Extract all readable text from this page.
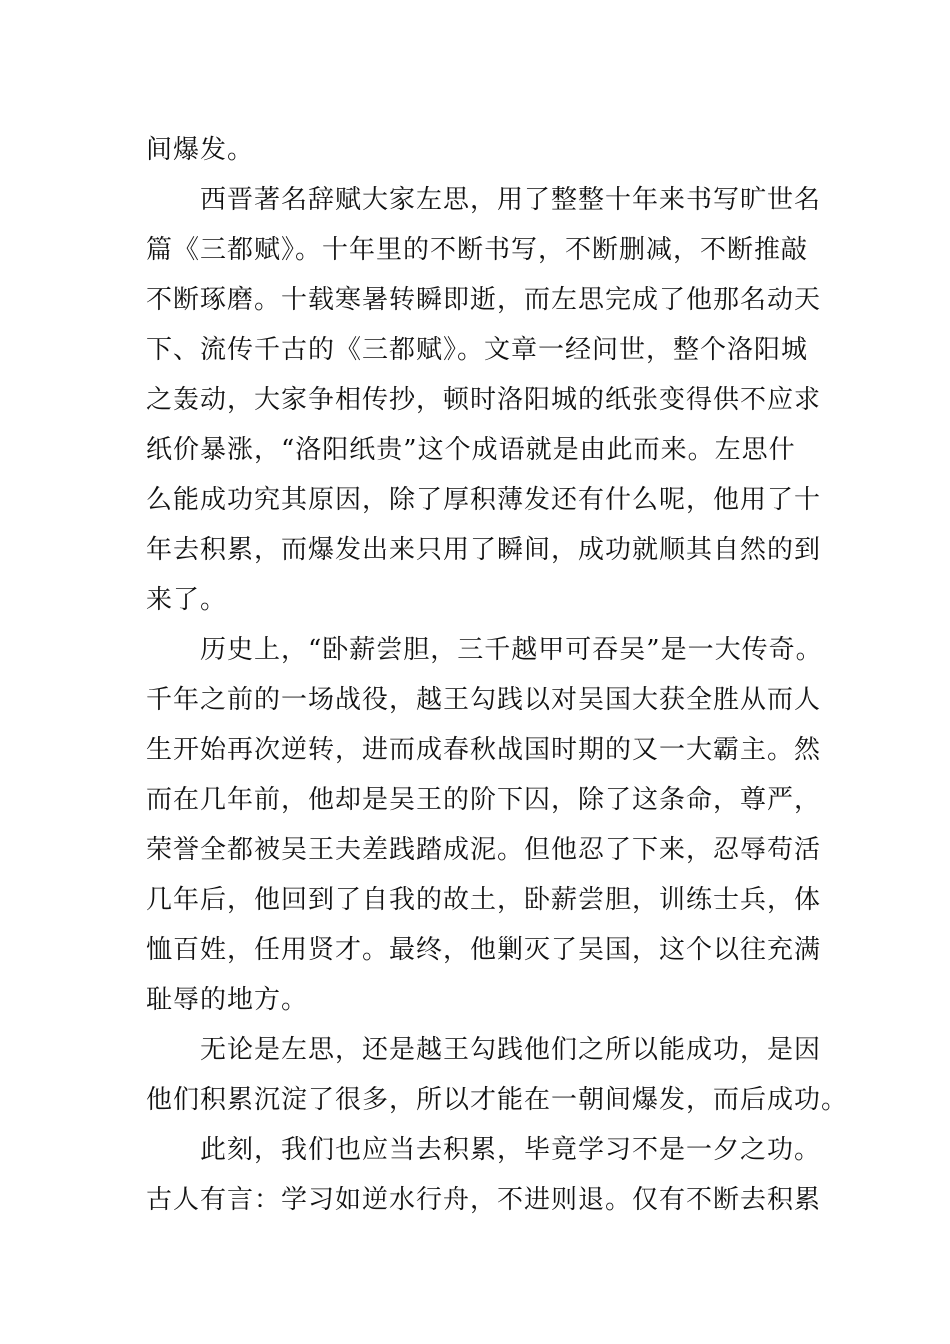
间爆发。

西晋著名辞赋大家左思，用了整整十年来书写旷世名

篇《三都赋》。十年里的不断书写，不断删减，不断推敲

不断琢磨。十载寒暑转瞬即逝，而左思完成了他那名动天

下、流传千古的《三都赋》。文章一经问世，整个洛阳城

之轰动，大家争相传抄，顿时洛阳城的纸张变得供不应求

纸价暴涨，“洛阳纸贵”这个成语就是由此而来。左思什

么能成功究其原因，除了厚积薄发还有什么呢，他用了十

年去积累，而爆发出来只用了瞬间，成功就顺其自然的到

来了。

历史上，“卧薪尝胆，三千越甲可吞吴”是一大传奇。

千年之前的一场战役，越王勾践以对吴国大获全胜从而人

生开始再次逆转，进而成春秋战国时期的又一大霸主。然

而在几年前，他却是吴王的阶下囚，除了这条命，尊严，

荣誉全都被吴王夫差践踏成泥。但他忍了下来，忍辱苟活

几年后，他回到了自我的故土，卧薪尝胆，训练士兵，体

恤百姓，任用贤才。最终，他剿灭了吴国，这个以往充满

耻辱的地方。

无论是左思，还是越王勾践他们之所以能成功，是因

他们积累沉淀了很多，所以才能在一朝间爆发，而后成功。

此刻，我们也应当去积累，毕竟学习不是一夕之功。

古人有言：学习如逆水行舟，不进则退。仅有不断去积累
